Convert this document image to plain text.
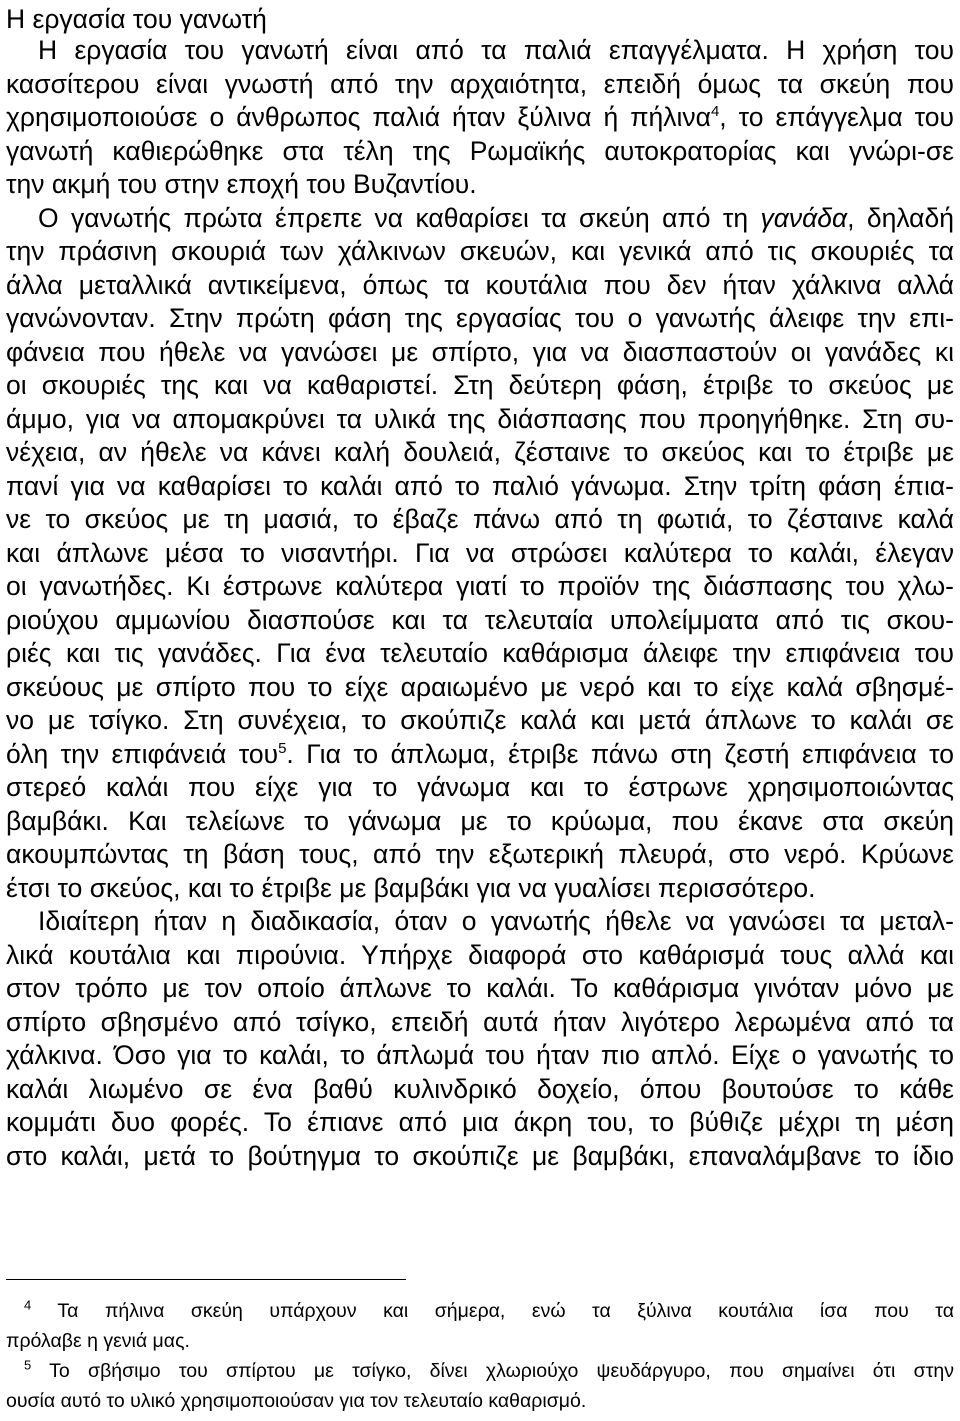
Η εργασία του γανωτή
Η εργασία του γανωτή είναι από τα παλιά επαγγέλματα. Η χρήση του
κασσίτερου είναι γνωστή από την αρχαιότητα, επειδή όμως τα σκεύη που
χρησιμοποιούσε ο άνθρωπος παλιά ήταν ξύλινα ή πήλινα$^4$, το επάγγελμα του
γανωτή καθιερώθηκε στα τέλη της Ρωμαϊκής αυτοκρατορίας και γνώρι-σε
την ακμή του στην εποχή του Βυζαντίου.
Ο γανωτής πρώτα έπρεπε να καθαρίσει τα σκεύη από τη γανάδα, δηλαδή
την πράσινη σκουριά των χάλκινων σκευών, και γενικά από τις σκουριές τα
άλλα μεταλλικά αντικείμενα, όπως τα κουτάλια που δεν ήταν χάλκινα αλλά
γανώνονταν. Στην πρώτη φάση της εργασίας του ο γανωτής άλειφε την επι-
φάνεια που ήθελε να γανώσει με σπίρτο, για να διασπαστούν οι γανάδες κι
οι σκουριές της και να καθαριστεί. Στη δεύτερη φάση, έτριβε το σκεύος με
άμμο, για να απομακρύνει τα υλικά της διάσπασης που προηγήθηκε. Στη συ-
νέχεια, αν ήθελε να κάνει καλή δουλειά, ζέσταινε το σκεύος και το έτριβε με
πανί για να καθαρίσει το καλάι από το παλιό γάνωμα. Στην τρίτη φάση έπια-
νε το σκεύος με τη μασιά, το έβαζε πάνω από τη φωτιά, το ζέσταινε καλά
και άπλωνε μέσα το νισαντήρι. Για να στρώσει καλύτερα το καλάι, έλεγαν
οι γανωτήδες. Κι έστρωνε καλύτερα γιατί το προϊόν της διάσπασης του χλω-
ριούχου αμμωνίου διασπούσε και τα τελευταία υπολείμματα από τις σκου-
ριές και τις γανάδες. Για ένα τελευταίο καθάρισμα άλειφε την επιφάνεια του
σκεύους με σπίρτο που το είχε αραιωμένο με νερό και το είχε καλά σβησμέ-
νο με τσίγκο. Στη συνέχεια, το σκούπιζε καλά και μετά άπλωνε το καλάι σε
όλη την επιφάνειά του$^5$. Για το άπλωμα, έτριβε πάνω στη ζεστή επιφάνεια το
στερεό καλάι που είχε για το γάνωμα και το έστρωνε χρησιμοποιώντας
βαμβάκι. Και τελείωνε το γάνωμα με το κρύωμα, που έκανε στα σκεύη
ακουμπώντας τη βάση τους, από την εξωτερική πλευρά, στο νερό. Κρύωνε
έτσι το σκεύος, και το έτριβε με βαμβάκι για να γυαλίσει περισσότερο.
Ιδιαίτερη ήταν η διαδικασία, όταν ο γανωτής ήθελε να γανώσει τα μεταλ-
λικά κουτάλια και πιρούνια. Υπήρχε διαφορά στο καθάρισμά τους αλλά και
στον τρόπο με τον οποίο άπλωνε το καλάι. Το καθάρισμα γινόταν μόνο με
σπίρτο σβησμένο από τσίγκο, επειδή αυτά ήταν λιγότερο λερωμένα από τα
χάλκινα. Όσο για το καλάι, το άπλωμά του ήταν πιο απλό. Είχε ο γανωτής το
καλάι λιωμένο σε ένα βαθύ κυλινδρικό δοχείο, όπου βουτούσε το κάθε
κομμάτι δυο φορές. Το έπιανε από μια άκρη του, το βύθιζε μέχρι τη μέση
στο καλάι, μετά το βούτηγμα το σκούπιζε με βαμβάκι, επαναλάμβανε το ίδιο
$^4$ Τα πήλινα σκεύη υπάρχουν και σήμερα, ενώ τα ξύλινα κουτάλια ίσα που τα
πρόλαβε η γενιά μας.
$^5$ Το σβήσιμο του σπίρτου με τσίγκο, δίνει χλωριούχο ψευδάργυρο, που σημαίνει ότι στην
ουσία αυτό το υλικό χρησιμοποιούσαν για τον τελευταίο καθαρισμό.
